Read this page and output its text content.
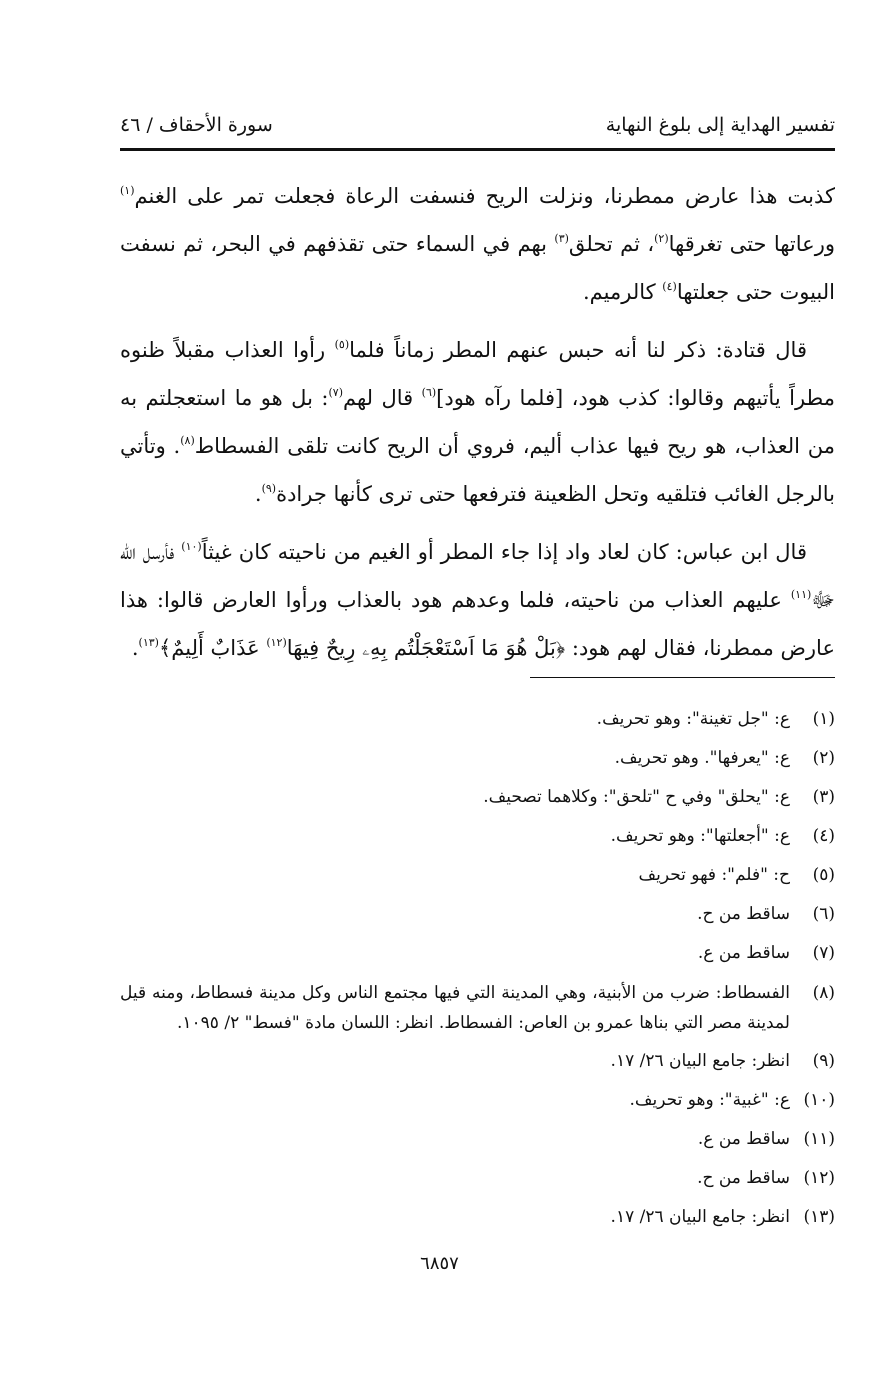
تفسير الهداية إلى بلوغ النهاية
سورة الأحقاف / ٤٦

كذبت هذا عارض ممطرنا، ونزلت الريح فنسفت الرعاة فجعلت تمر على الغنم$^{(١)}$ ورعاتها حتى تغرقها$^{(٢)}$، ثم تحلق$^{(٣)}$ بهم في السماء حتى تقذفهم في البحر، ثم نسفت البيوت حتى جعلتها$^{(٤)}$ كالرميم.

قال قتادة: ذكر لنا أنه حبس عنهم المطر زماناً فلما$^{(٥)}$ رأوا العذاب مقبلاً ظنوه مطراً يأتيهم وقالوا: كذب هود، [فلما رآه هود]$^{(٦)}$ قال لهم$^{(٧)}$: بل هو ما استعجلتم به من العذاب، هو ريح فيها عذاب أليم، فروي أن الريح كانت تلقى الفسطاط$^{(٨)}$. وتأتي بالرجل الغائب فتلقيه وتحل الظعينة فترفعها حتى ترى كأنها جرادة$^{(٩)}$.

قال ابن عباس: كان لعاد واد إذا جاء المطر أو الغيم من ناحيته كان غيثاً$^{(١٠)}$ فأرسل الله ﷻ$^{(١١)}$ عليهم العذاب من ناحيته، فلما وعدهم هود بالعذاب ورأوا العارض قالوا: هذا عارض ممطرنا، فقال لهم هود: ﴿بَلْ هُوَ مَا اَسْتَعْجَلْتُم بِهِۦ رِيحٌ فِيهَا$^{(١٢)}$ عَذَابٌ أَلِيمٌ﴾$^{(١٣)}$.

(١)
ع: "جل تغينة": وهو تحريف.
(٢)
ع: "يعرفها". وهو تحريف.
(٣)
ع: "يحلق" وفي ح "تلحق": وكلاهما تصحيف.
(٤)
ع: "أجعلتها": وهو تحريف.
(٥)
ح: "فلم": فهو تحريف
(٦)
ساقط من ح.
(٧)
ساقط من ع.
(٨)
الفسطاط: ضرب من الأبنية، وهي المدينة التي فيها مجتمع الناس وكل مدينة فسطاط، ومنه قيل لمدينة مصر التي بناها عمرو بن العاص: الفسطاط. انظر: اللسان مادة "فسط" ٢/ ١٠٩٥.
(٩)
انظر: جامع البيان ٢٦/ ١٧.
(١٠)
ع: "غبية": وهو تحريف.
(١١)
ساقط من ع.
(١٢)
ساقط من ح.
(١٣)
انظر: جامع البيان ٢٦/ ١٧.
٦٨٥٧
